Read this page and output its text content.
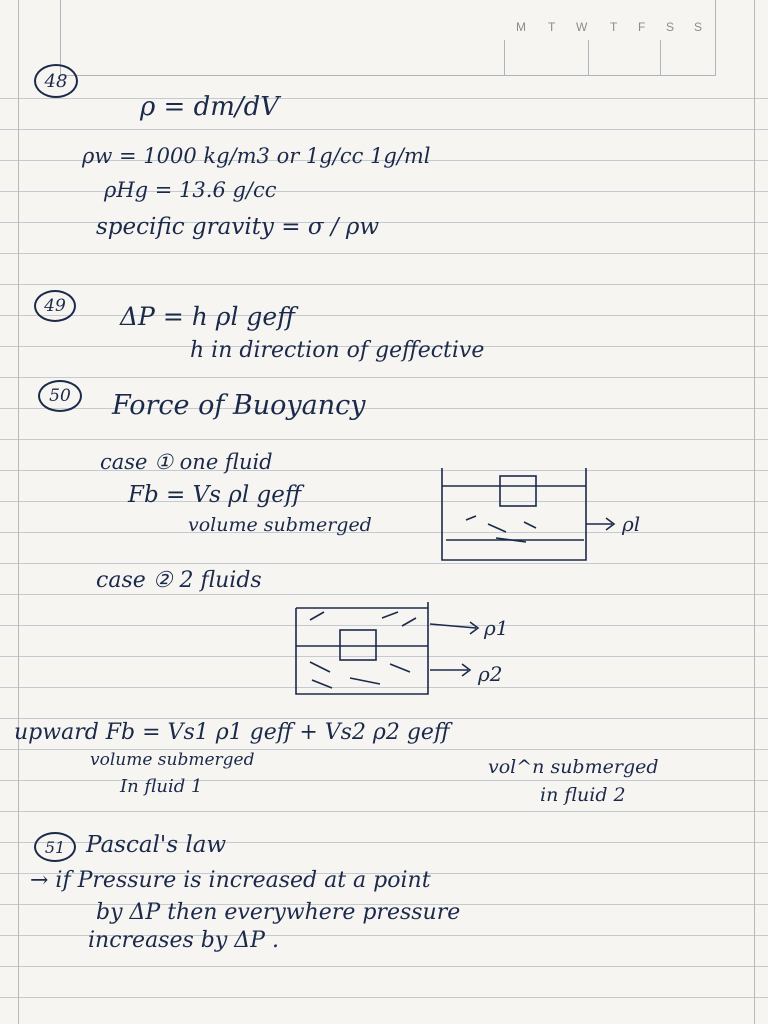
M T W T F S S
48
ρ = dm/dV
ρw = 1000 kg/m3 or 1g/cc 1g/ml
ρHg = 13.6 g/cc
specific gravity = σ / ρw
49	ΔP = h ρl geff
h in direction of geffective
50	Force of Buoyancy
case ① one fluid
Fb = Vs ρl geff
volume submerged	ρl
case ② 2 fluids
ρ1
ρ2
upward Fb = Vs1 ρ1 geff + Vs2 ρ2 geff
volume submerged
In fluid 1
vol^n submerged
in fluid 2
51 Pascal's law
→ if Pressure is increased at a point
by ΔP then everywhere pressure
increases by ΔP .
